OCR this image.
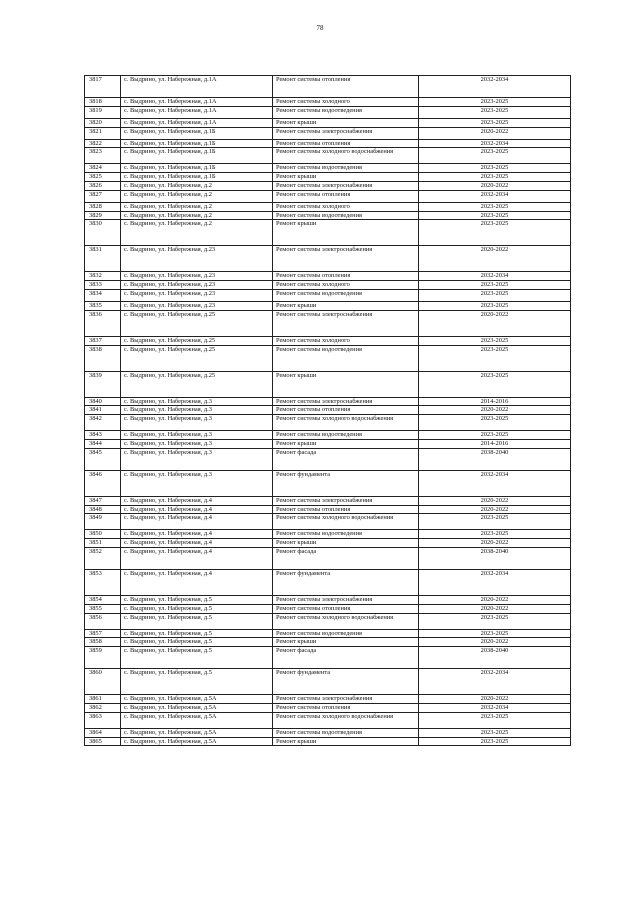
78
3817	с. Выдрино, ул. Набережная, д.1А	Ремонт системы отопления	2032-2034
3818	с. Выдрино, ул. Набережная, д.1А	Ремонт системы холодного	2023-2025
3819	с. Выдрино, ул. Набережная, д.1А	Ремонт системы водоотведения	2023-2025
3820	с. Выдрино, ул. Набережная, д.1А	Ремонт крыши	2023-2025
3821	с. Выдрино, ул. Набережная, д.1Б	Ремонт системы электроснабжения	2020-2022
3822	с. Выдрино, ул. Набережная, д.1Б	Ремонт системы отопления	2032-2034
3823	с. Выдрино, ул. Набережная, д.1Б	Ремонт системы холодного водоснабжения	2023-2025
3824	с. Выдрино, ул. Набережная, д.1Б	Ремонт системы водоотведения	2023-2025
3825	с. Выдрино, ул. Набережная, д.1Б	Ремонт крыши	2023-2025
3826	с. Выдрино, ул. Набережная, д.2	Ремонт системы электроснабжения	2020-2022
3827	с. Выдрино, ул. Набережная, д.2	Ремонт системы отопления	2032-2034
3828	с. Выдрино, ул. Набережная, д.2	Ремонт системы холодного	2023-2025
3829	с. Выдрино, ул. Набережная, д.2	Ремонт системы водоотведения	2023-2025
3830	с. Выдрино, ул. Набережная, д.2	Ремонт крыши	2023-2025
3831	с. Выдрино, ул. Набережная, д.23	Ремонт системы электроснабжения	2020-2022
3832	с. Выдрино, ул. Набережная, д.23	Ремонт системы отопления	2032-2034
3833	с. Выдрино, ул. Набережная, д.23	Ремонт системы холодного	2023-2025
3834	с. Выдрино, ул. Набережная, д.23	Ремонт системы водоотведения	2023-2025
3835	с. Выдрино, ул. Набережная, д.23	Ремонт крыши	2023-2025
3836	с. Выдрино, ул. Набережная, д.25	Ремонт системы электроснабжения	2020-2022
3837	с. Выдрино, ул. Набережная, д.25	Ремонт системы холодного	2023-2025
3838	с. Выдрино, ул. Набережная, д.25	Ремонт системы водоотведения	2023-2025
3839	с. Выдрино, ул. Набережная, д.25	Ремонт крыши	2023-2025
3840	с. Выдрино, ул. Набережная, д.3	Ремонт системы электроснабжения	2014-2016
3841	с. Выдрино, ул. Набережная, д.3	Ремонт системы отопления	2020-2022
3842	с. Выдрино, ул. Набережная, д.3	Ремонт системы холодного водоснабжения	2023-2025
3843	с. Выдрино, ул. Набережная, д.3	Ремонт системы водоотведения	2023-2025
3844	с. Выдрино, ул. Набережная, д.3	Ремонт крыши	2014-2016
3845	с. Выдрино, ул. Набережная, д.3	Ремонт фасада	2038-2040
3846	с. Выдрино, ул. Набережная, д.3	Ремонт фундамента	2032-2034
3847	с. Выдрино, ул. Набережная, д.4	Ремонт системы электроснабжения	2020-2022
3848	с. Выдрино, ул. Набережная, д.4	Ремонт системы отопления	2020-2022
3849	с. Выдрино, ул. Набережная, д.4	Ремонт системы холодного водоснабжения	2023-2025
3850	с. Выдрино, ул. Набережная, д.4	Ремонт системы водоотведения	2023-2025
3851	с. Выдрино, ул. Набережная, д.4	Ремонт крыши	2020-2022
3852	с. Выдрино, ул. Набережная, д.4	Ремонт фасада	2038-2040
3853	с. Выдрино, ул. Набережная, д.4	Ремонт фундамента	2032-2034
3854	с. Выдрино, ул. Набережная, д.5	Ремонт системы электроснабжения	2020-2022
3855	с. Выдрино, ул. Набережная, д.5	Ремонт системы отопления	2020-2022
3856	с. Выдрино, ул. Набережная, д.5	Ремонт системы холодного водоснабжения	2023-2025
3857	с. Выдрино, ул. Набережная, д.5	Ремонт системы водоотведения	2023-2025
3858	с. Выдрино, ул. Набережная, д.5	Ремонт крыши	2020-2022
3859	с. Выдрино, ул. Набережная, д.5	Ремонт фасада	2038-2040
3860	с. Выдрино, ул. Набережная, д.5	Ремонт фундамента	2032-2034
3861	с. Выдрино, ул. Набережная, д.5А	Ремонт системы электроснабжения	2020-2022
3862	с. Выдрино, ул. Набережная, д.5А	Ремонт системы отопления	2032-2034
3863	с. Выдрино, ул. Набережная, д.5А	Ремонт системы холодного водоснабжения	2023-2025
3864	с. Выдрино, ул. Набережная, д.5А	Ремонт системы водоотведения	2023-2025
3865	с. Выдрино, ул. Набережная, д.5А	Ремонт крыши	2023-2025
